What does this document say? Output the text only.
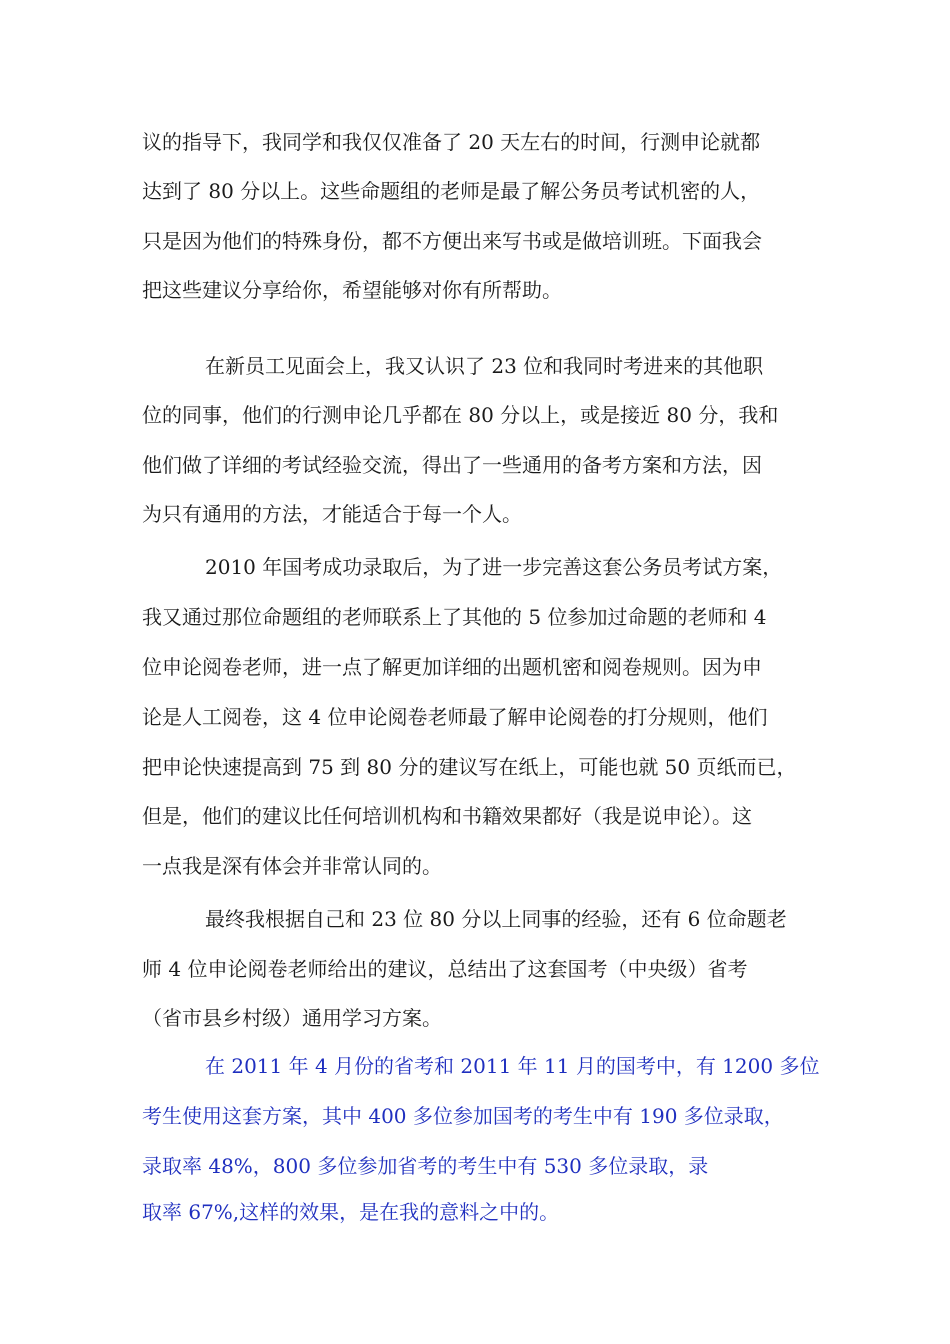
议的指导下，我同学和我仅仅准备了 20 天左右的时间，行测申论就都
达到了 80 分以上。这些命题组的老师是最了解公务员考试机密的人，
只是因为他们的特殊身份，都不方便出来写书或是做培训班。下面我会
把这些建议分享给你，希望能够对你有所帮助。
在新员工见面会上，我又认识了 23 位和我同时考进来的其他职
位的同事，他们的行测申论几乎都在 80 分以上，或是接近 80 分，我和
他们做了详细的考试经验交流，得出了一些通用的备考方案和方法，因
为只有通用的方法，才能适合于每一个人。
2010 年国考成功录取后，为了进一步完善这套公务员考试方案，
我又通过那位命题组的老师联系上了其他的 5 位参加过命题的老师和 4
位申论阅卷老师，进一点了解更加详细的出题机密和阅卷规则。因为申
论是人工阅卷，这 4 位申论阅卷老师最了解申论阅卷的打分规则，他们
把申论快速提高到 75 到 80 分的建议写在纸上，可能也就 50 页纸而已，
但是，他们的建议比任何培训机构和书籍效果都好（我是说申论）。这
一点我是深有体会并非常认同的。
最终我根据自己和 23 位 80 分以上同事的经验，还有 6 位命题老
师 4 位申论阅卷老师给出的建议，总结出了这套国考（中央级）省考
（省市县乡村级）通用学习方案。
在 2011 年 4 月份的省考和 2011 年 11 月的国考中，有 1200 多位
考生使用这套方案，其中 400 多位参加国考的考生中有 190 多位录取，
录取率 48%，800 多位参加省考的考生中有 530 多位录取，录
取率 67%,这样的效果，是在我的意料之中的。
